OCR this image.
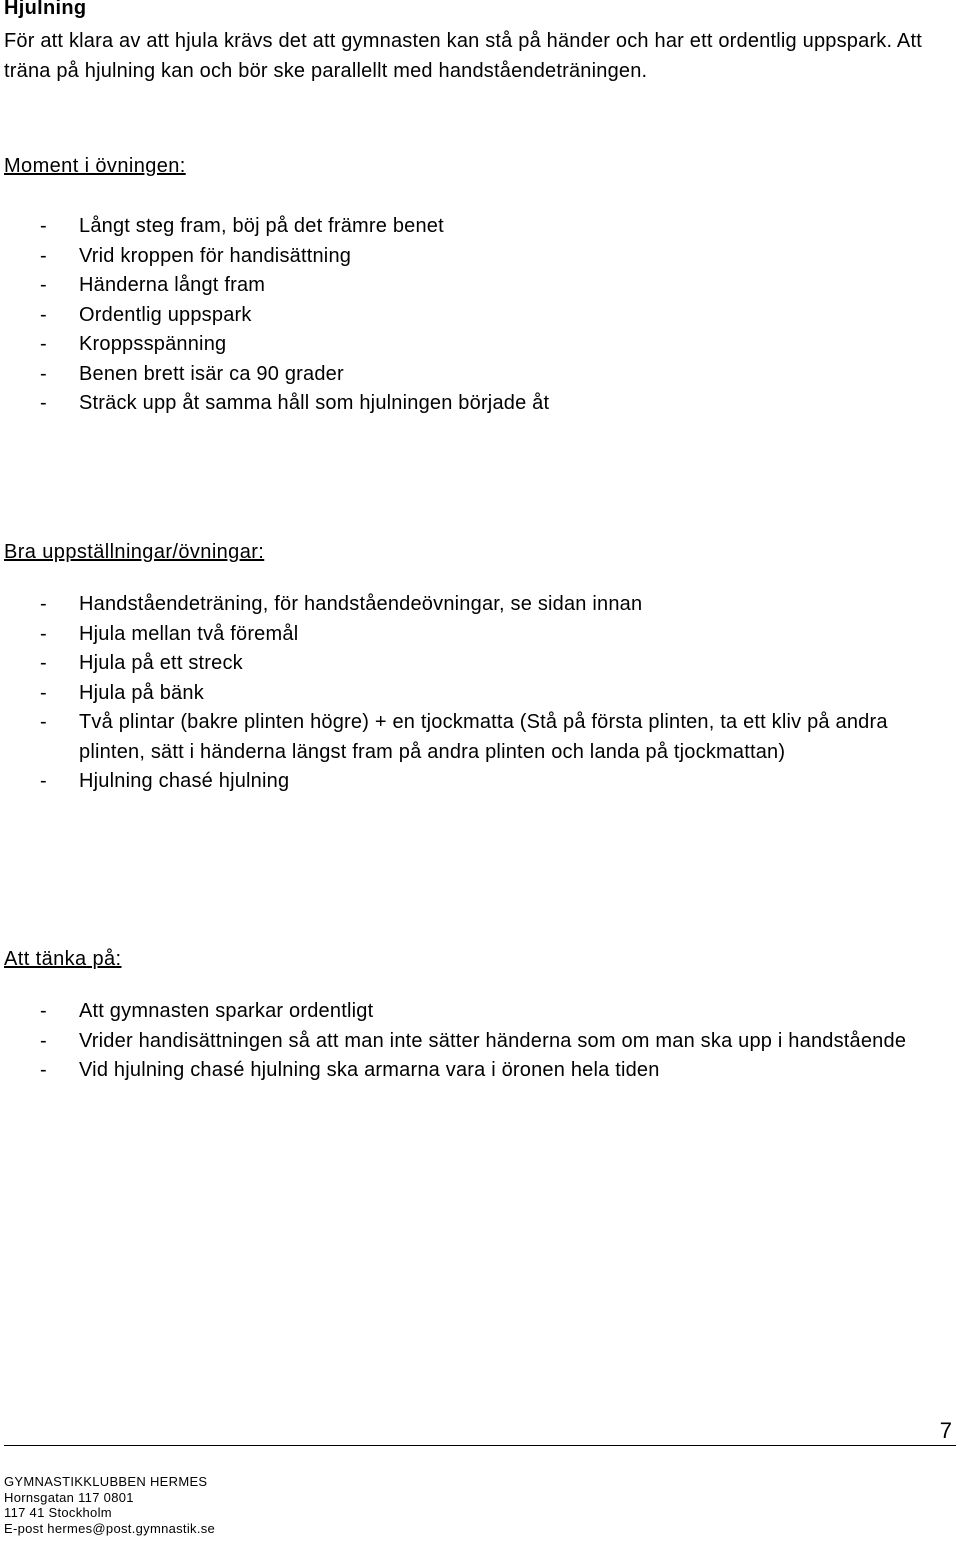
Hjulning
För att klara av att hjula krävs det att gymnasten kan stå på händer och har ett ordentlig uppspark. Att träna på hjulning kan och bör ske parallellt med handståendeträningen.
Moment i övningen:
- Långt steg fram, böj på det främre benet
- Vrid kroppen för handisättning
- Händerna långt fram
- Ordentlig uppspark
- Kroppsspänning
- Benen brett isär ca 90 grader
- Sträck upp åt samma håll som hjulningen började åt
Bra uppställningar/övningar:
- Handståendeträning, för handståendeövningar, se sidan innan
- Hjula mellan två föremål
- Hjula på ett streck
- Hjula på bänk
- Två plintar (bakre plinten högre) + en tjockmatta (Stå på första plinten, ta ett kliv på andra plinten, sätt i händerna längst fram på andra plinten och landa på tjockmattan)
- Hjulning chasé hjulning
Att tänka på:
- Att gymnasten sparkar ordentligt
- Vrider handisättningen så att man inte sätter händerna som om man ska upp i handstående
- Vid hjulning chasé hjulning ska armarna vara i öronen hela tiden
7
GYMNASTIKKLUBBEN HERMES
Hornsgatan 117 0801
117 41 Stockholm
E-post hermes@post.gymnastik.se
